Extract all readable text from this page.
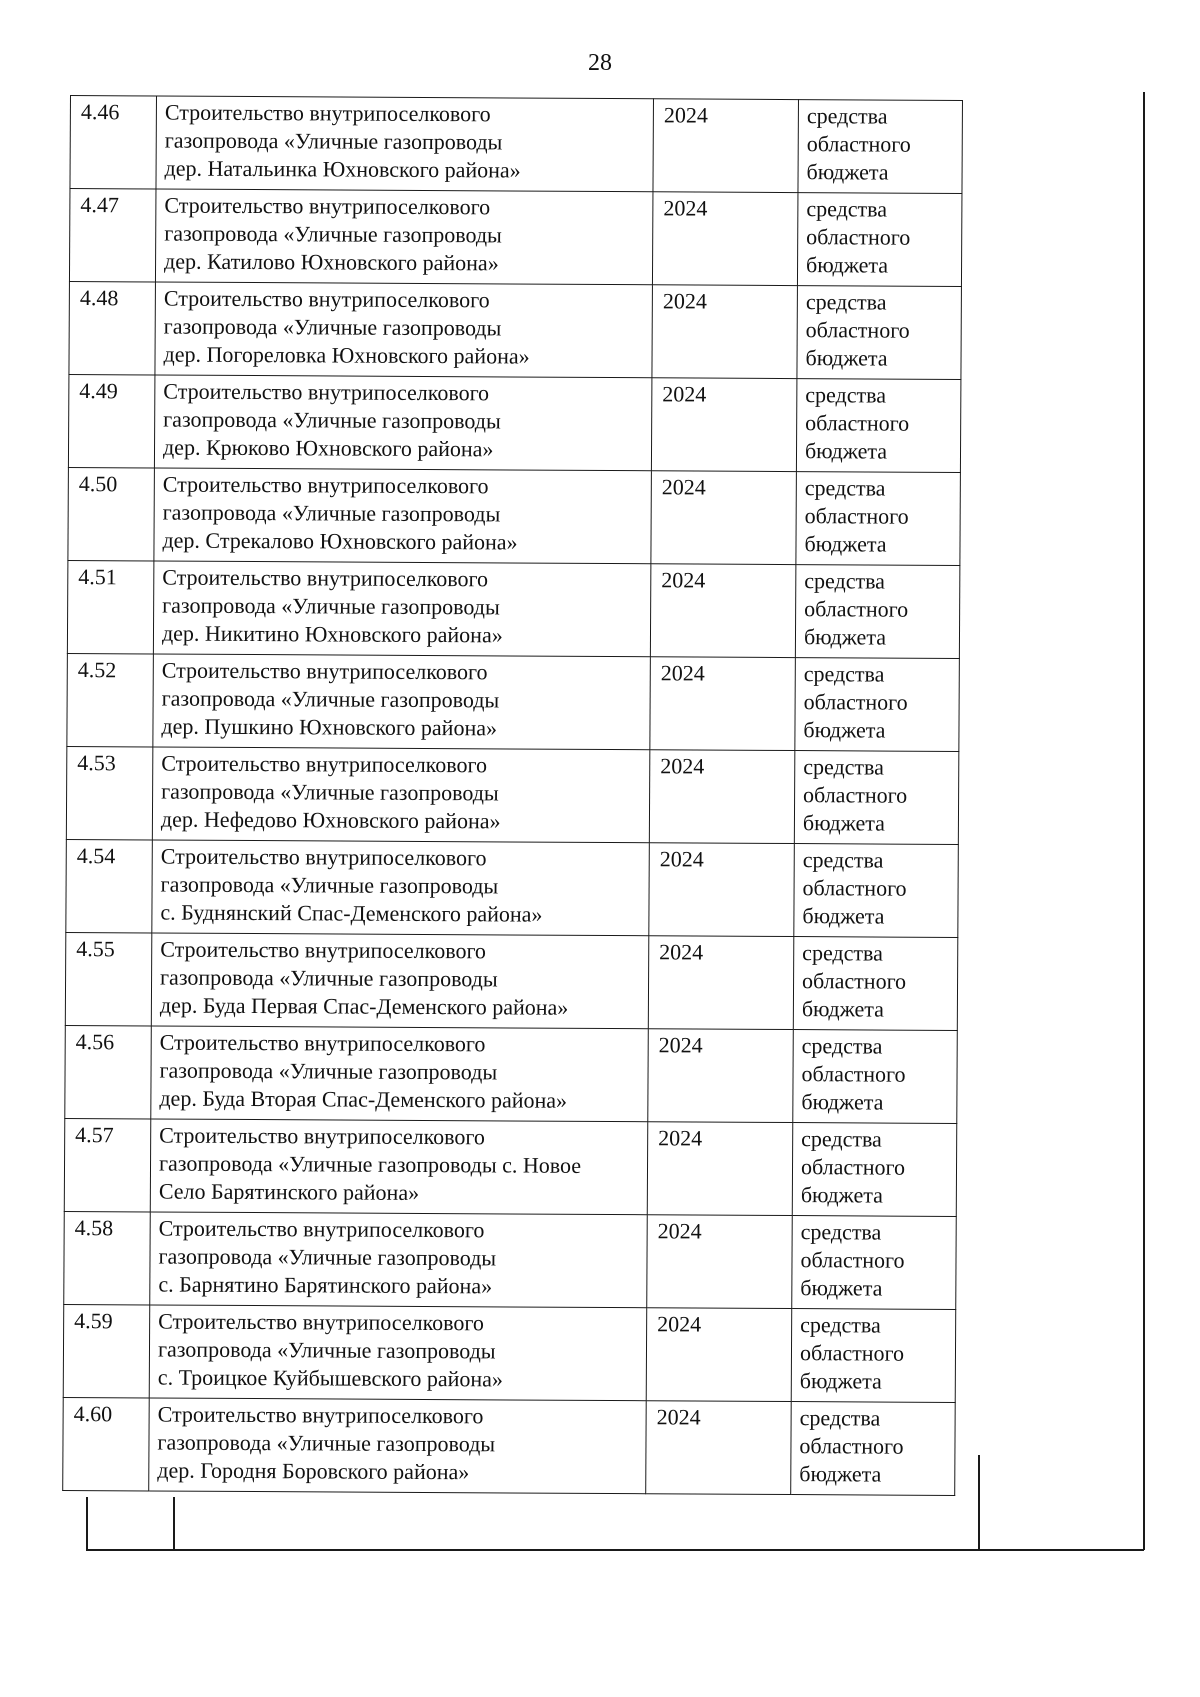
28
4.46	Строительство внутрипоселкового
газопровода «Уличные газопроводы
дер. Натальинка Юхновского района»	2024	средства
областного
бюджета

4.47	Строительство внутрипоселкового
газопровода «Уличные газопроводы
дер. Катилово Юхновского района»	2024	средства
областного
бюджета

4.48	Строительство внутрипоселкового
газопровода «Уличные газопроводы
дер. Погореловка Юхновского района»	2024	средства
областного
бюджета

4.49	Строительство внутрипоселкового
газопровода «Уличные газопроводы
дер. Крюково Юхновского района»	2024	средства
областного
бюджета

4.50	Строительство внутрипоселкового
газопровода «Уличные газопроводы
дер. Стрекалово Юхновского района»	2024	средства
областного
бюджета

4.51	Строительство внутрипоселкового
газопровода «Уличные газопроводы
дер. Никитино Юхновского района»	2024	средства
областного
бюджета

4.52	Строительство внутрипоселкового
газопровода «Уличные газопроводы
дер. Пушкино Юхновского района»	2024	средства
областного
бюджета

4.53	Строительство внутрипоселкового
газопровода «Уличные газопроводы
дер. Нефедово Юхновского района»	2024	средства
областного
бюджета

4.54	Строительство внутрипоселкового
газопровода «Уличные газопроводы
с. Буднянский Спас-Деменского района»	2024	средства
областного
бюджета

4.55	Строительство внутрипоселкового
газопровода «Уличные газопроводы
дер. Буда Первая Спас-Деменского района»	2024	средства
областного
бюджета

4.56	Строительство внутрипоселкового
газопровода «Уличные газопроводы
дер. Буда Вторая Спас-Деменского района»	2024	средства
областного
бюджета

4.57	Строительство внутрипоселкового
газопровода «Уличные газопроводы с. Новое
Село Барятинского района»	2024	средства
областного
бюджета

4.58	Строительство внутрипоселкового
газопровода «Уличные газопроводы
с. Барнятино Барятинского района»	2024	средства
областного
бюджета

4.59	Строительство внутрипоселкового
газопровода «Уличные газопроводы
с. Троицкое Куйбышевского района»	2024	средства
областного
бюджета

4.60	Строительство внутрипоселкового
газопровода «Уличные газопроводы
дер. Городня Боровского района»	2024	средства
областного
бюджета
